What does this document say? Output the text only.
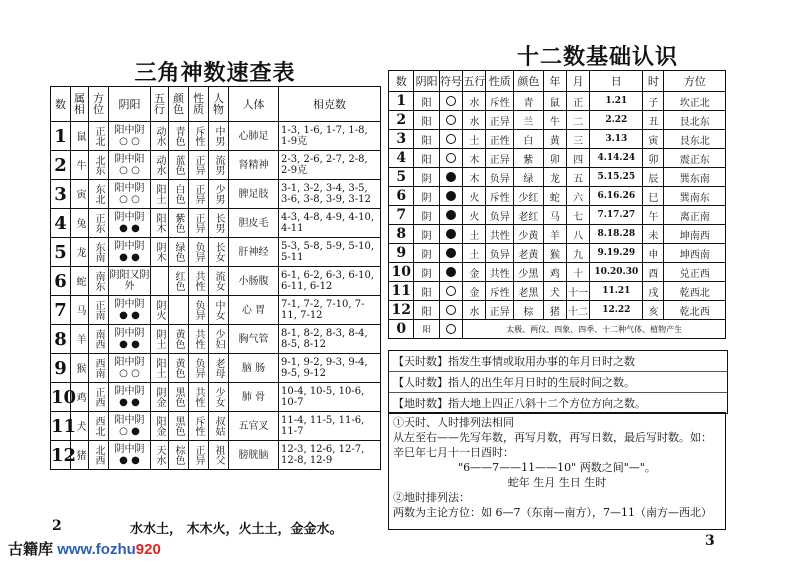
三角神数速查表
数	属相	方位	阴阳	五行	颜色	性质	人物	人体	相克数
1	鼠	正北	阳中阴 ○ ○	动水	青色	斥性	中男	心肺足	1-3, 1-6, 1-7, 1-8, 1-9克
2	牛	北东	阴中阳 ○ ○	动水	蓝色	正异	流男	肾精神	2-3, 2-6, 2-7, 2-8, 2-9克
3	寅	东北	阳中阴 ○ ○	阳土	白色	正异	少男	脾足肢	3-1, 3-2, 3-4, 3-5, 3-6, 3-8, 3-9, 3-12
4	兔	正东	阴中阴 ● ●	阳木	紫色	正异	长男	胆皮毛	4-3, 4-8, 4-9, 4-10, 4-11
5	龙	东南	阴中阴 ● ●	阴木	绿色	负异	长女	肝神经	5-3, 5-8, 5-9, 5-10, 5-11
6	蛇	南东	阴阳又阴 外		红色	共性	流女	小肠腹	6-1, 6-2, 6-3, 6-10, 6-11, 6-12
7	马	正南	阴中阴 ● ●	阴火		负异	中女	心 胃	7-1, 7-2, 7-10, 7-11, 7-12
8	羊	南西	阴中阴 ● ●	阴土	黄色	共性	少妇	胸气管	8-1, 8-2, 8-3, 8-4, 8-5, 8-12
9	猴	西南	阳中阴 ○ ○	阳土	黄色	负异	老母	脑 肠	9-1, 9-2, 9-3, 9-4, 9-5, 9-12
10	鸡	正西	阴中阴 ● ●	阴金	黑色	共性	少女	肺 骨	10-4, 10-5, 10-6, 10-7
11	犬	西北	阳中阴 ○ ●	阳金	黑色	斥性	叔姑	五官叉	11-4, 11-5, 11-6, 11-7
12	猪	北西	阴中阴 ● ●	天水	棕色	正异	祖父	膀胱脑	12-3, 12-6, 12-7, 12-8, 12-9
2	水水土， 木木火，火土土，金金水。
十二数基础认识
数	阴阳	符号	五行	性质	颜色	年	月	日	时	方位
1	阳		水	斥性	青	鼠	正	1.21	子	坎正北
2	阳		水	正异	兰	牛	二	2.22	丑	艮北东
3	阳		土	正性	白	黄	三	3.13	寅	艮东北
4	阳		木	正异	紫	卯	四	4.14.24	卯	震正东
5	阴		木	负异	绿	龙	五	5.15.25	辰	巽东南
6	阴		火	斥性	少红	蛇	六	6.16.26	巳	巽南东
7	阴		火	负异	老红	马	七	7.17.27	午	离正南
8	阴		土	共性	少黄	羊	八	8.18.28	未	坤南西
9	阴		土	负异	老黄	猴	九	9.19.29	申	坤西南
10	阴		金	共性	少黑	鸡	十	10.20.30	酉	兑正西
11	阳		金	斥性	老黑	犬	十一	11.21	戌	乾西北
12	阳		水	正异	棕	猪	十二	12.22	亥	乾北西
0	阳		太极、两仪、四象、四季、十二种气体、植物产生							
【天时数】指发生事情或取用办事的年月日时之数
【人时数】指人的出生年月日时的生辰时间之数。
【地时数】指大地上四正八斜十二个方位方向之数。

①天时、人时排列法相同

从左至右——先写年数，再写月数，再写日数，最后写时数。如：辛巳年七月十一日酉时：

"6——7——11——10" 两数之间"—"。

蛇年 生月 生日 生时

②地时排列法：

两数为主论方位：如 6—7（东南—南方），7—11（南方—西北）

3
古籍库 www.fozhu920
